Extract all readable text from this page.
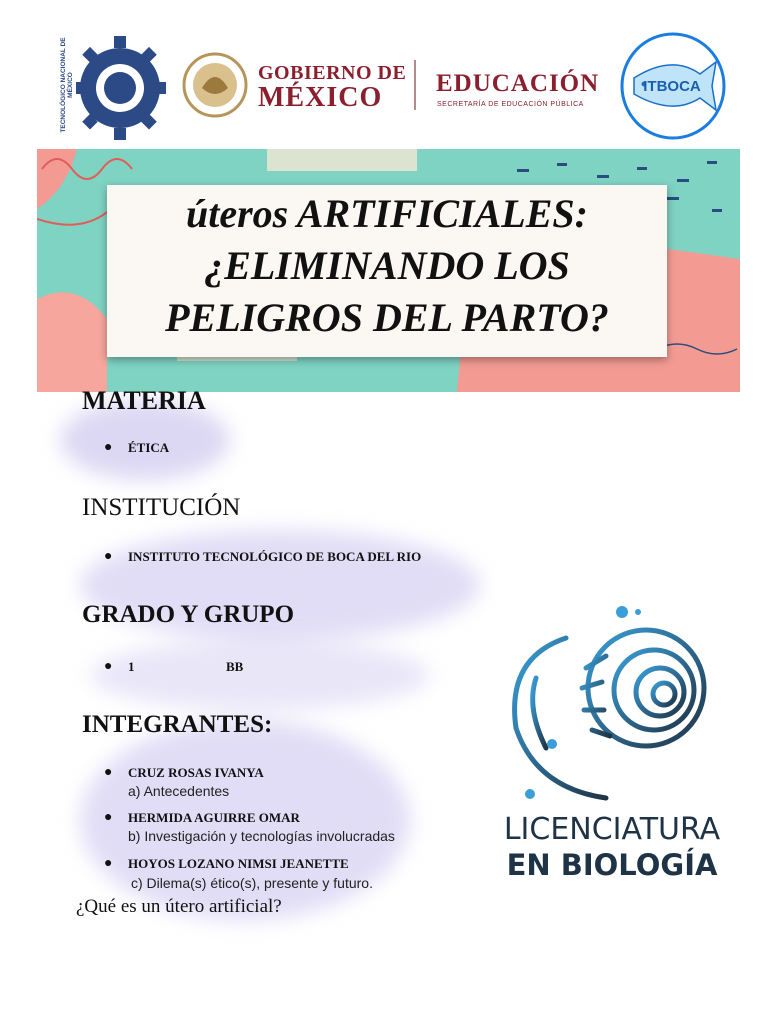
TECNOLÓGICO NACIONAL DE MÉXICO	GOBIERNO DE
MÉXICO EDUCACIÓN
SECRETARÍA DE EDUCACIÓN PÚBLICA
ITBOCA
úteros ARTIFICIALES:
¿ELIMINANDO LOS
PELIGROS DEL PARTO?
MATERIA
●	ÉTICA
INSTITUCIÓN
●	INSTITUTO TECNOLÓGICO DE BOCA DEL RIO
GRADO Y GRUPO
●	1	BB
INTEGRANTES:
●	CRUZ ROSAS IVANYA
a) Antecedentes
●	HERMIDA AGUIRRE OMAR
b) Investigación y tecnologías involucradas
●	HOYOS LOZANO NIMSI JEANETTE
c) Dilema(s) ético(s), presente y futuro.
¿Qué es un útero artificial?
LICENCIATURA
EN BIOLOGÍA
